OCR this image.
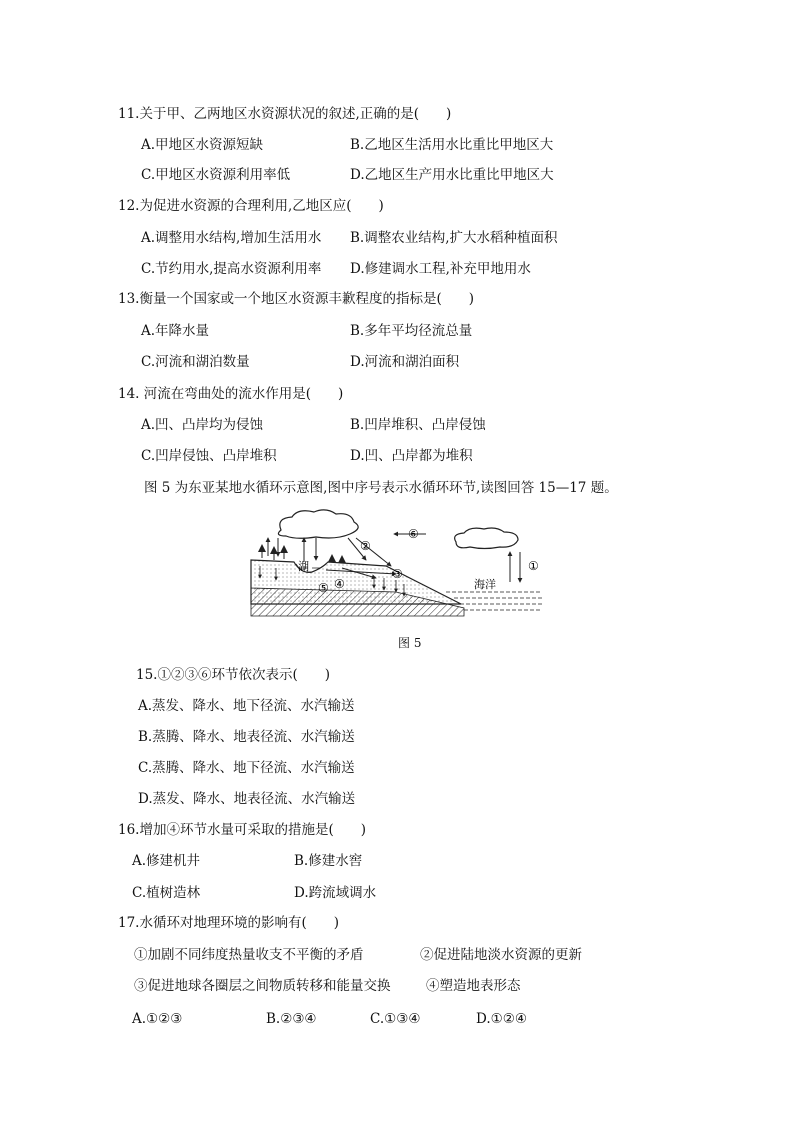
11.关于甲、乙两地区水资源状况的叙述,正确的是(　　)
A.甲地区水资源短缺	B.乙地区生活用水比重比甲地区大
C.甲地区水资源利用率低	D.乙地区生产用水比重比甲地区大
12.为促进水资源的合理利用,乙地区应(　　)
A.调整用水结构,增加生活用水 B.调整农业结构,扩大水稻种植面积
C.节约用水,提高水资源利用率 D.修建调水工程,补充甲地用水
13.衡量一个国家或一个地区水资源丰歉程度的指标是(　　)
A.年降水量	B.多年平均径流总量
C.河流和湖泊数量	D.河流和湖泊面积
14. 河流在弯曲处的流水作用是(　　)
A.凹、凸岸均为侵蚀	B.凹岸堆积、凸岸侵蚀
C.凹岸侵蚀、凸岸堆积	D.凹、凸岸都为堆积
图 5 为东亚某地水循环示意图,图中序号表示水循环环节,读图回答 15—17 题。
湖
海洋
①
②
③
④
⑤
⑥
图 5
15.①②③⑥环节依次表示(　　)
A.蒸发、降水、地下径流、水汽输送
B.蒸腾、降水、地表径流、水汽输送
C.蒸腾、降水、地下径流、水汽输送
D.蒸发、降水、地表径流、水汽输送
16.增加④环节水量可采取的措施是(　　)
A.修建机井	B.修建水窖
C.植树造林	D.跨流域调水
17.水循环对地理环境的影响有(　　)
①加剧不同纬度热量收支不平衡的矛盾	②促进陆地淡水资源的更新
③促进地球各圈层之间物质转移和能量交换	④塑造地表形态
A.①②③	B.②③④	C.①③④	D.①②④
